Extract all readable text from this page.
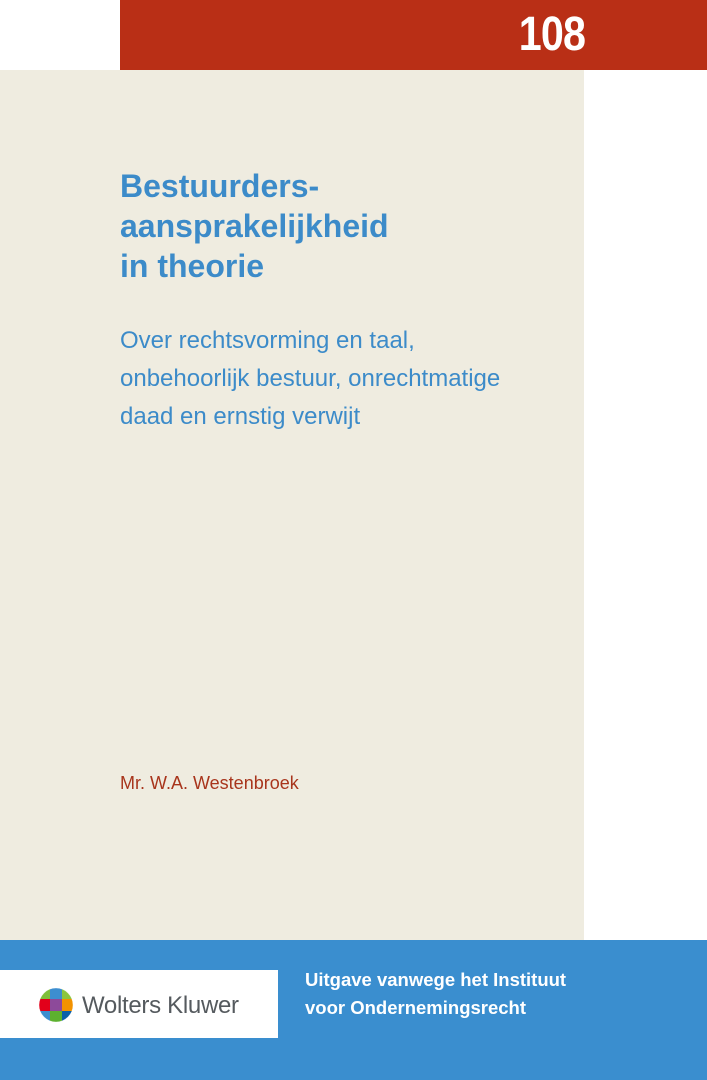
108
Bestuurders-
aansprakelijkheid
in theorie

Over rechtsvorming en taal,
onbehoorlijk bestuur, onrechtmatige
daad en ernstig verwijt

Mr. W.A. Westenbroek
Wolters Kluwer
Uitgave vanwege het Instituut
voor Ondernemingsrecht
